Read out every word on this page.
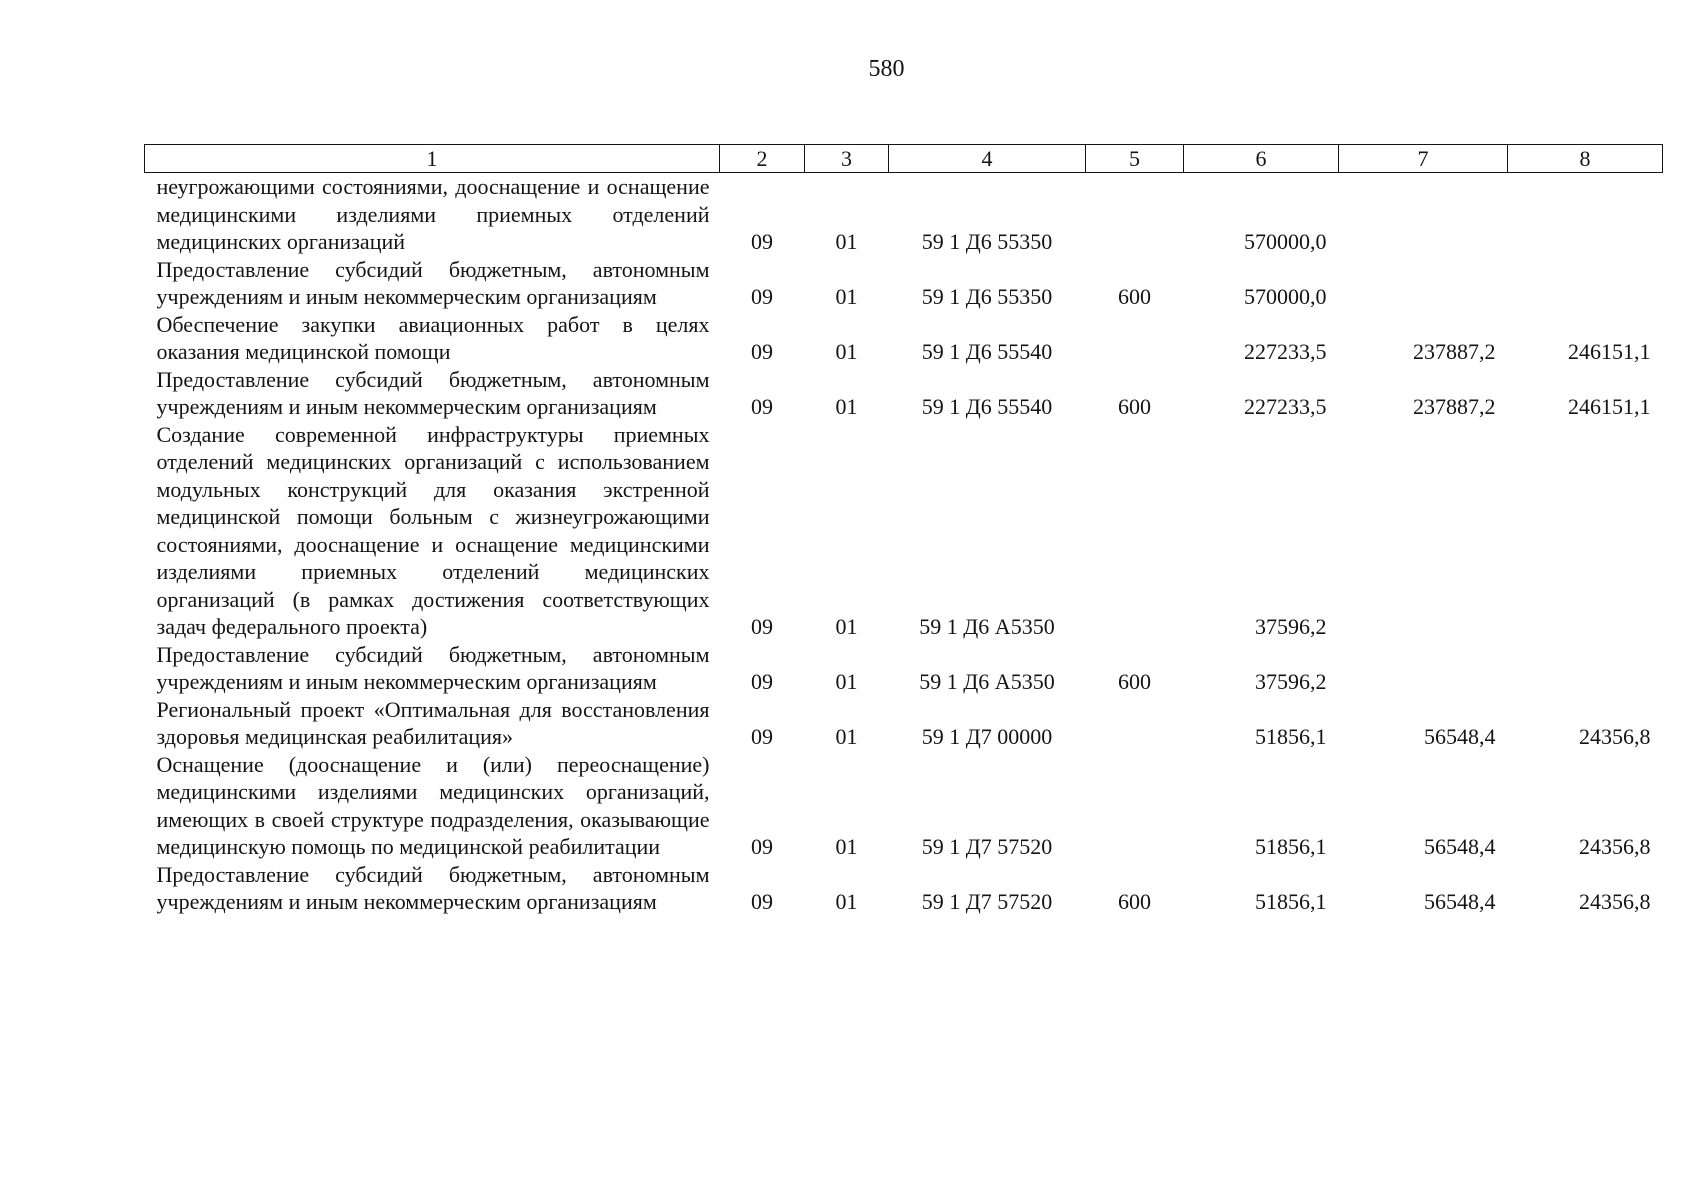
580
1	2	3	4	5	6	7	8
неугрожающими состояниями, дооснащение и оснащение медицинскими изделиями приемных отделений медицинских организаций	09	01	59 1 Д6 55350		570000,0		
Предоставление субсидий бюджетным, автономным учреждениям и иным некоммерческим организациям	09	01	59 1 Д6 55350	600	570000,0		
Обеспечение закупки авиационных работ в целях оказания медицинской помощи	09	01	59 1 Д6 55540		227233,5	237887,2	246151,1
Предоставление субсидий бюджетным, автономным учреждениям и иным некоммерческим организациям	09	01	59 1 Д6 55540	600	227233,5	237887,2	246151,1
Создание современной инфраструктуры приемных отделений медицинских организаций с использованием модульных конструкций для оказания экстренной медицинской помощи больным с жизнеугрожающими состояниями, дооснащение и оснащение медицинскими изделиями приемных отделений медицинских организаций (в рамках достижения соответствующих задач федерального проекта)	09	01	59 1 Д6 А5350		37596,2		
Предоставление субсидий бюджетным, автономным учреждениям и иным некоммерческим организациям	09	01	59 1 Д6 А5350	600	37596,2		
Региональный проект «Оптимальная для восстановления здоровья медицинская реабилитация»	09	01	59 1 Д7 00000		51856,1	56548,4	24356,8
Оснащение (дооснащение и (или) переоснащение) медицинскими изделиями медицинских организаций, имеющих в своей структуре подразделения, оказывающие медицинскую помощь по медицинской реабилитации	09	01	59 1 Д7 57520		51856,1	56548,4	24356,8
Предоставление субсидий бюджетным, автономным учреждениям и иным некоммерческим организациям	09	01	59 1 Д7 57520	600	51856,1	56548,4	24356,8
